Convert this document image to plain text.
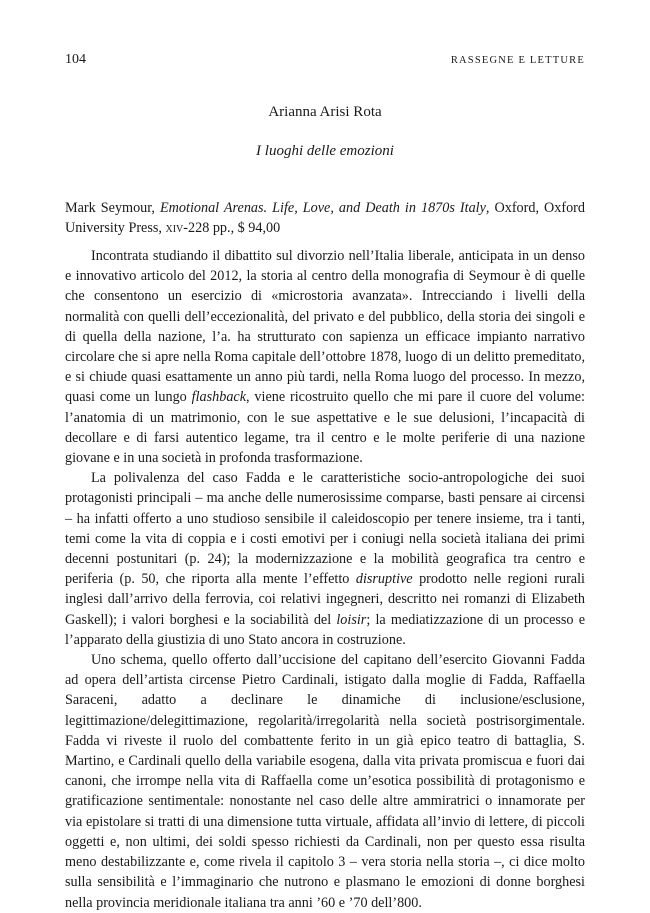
104	RASSEGNE E LETTURE
Arianna Arisi Rota
I luoghi delle emozioni
Mark Seymour, Emotional Arenas. Life, Love, and Death in 1870s Italy, Oxford, Oxford University Press, xiv-228 pp., $ 94,00

Incontrata studiando il dibattito sul divorzio nell’Italia liberale, anticipata in un denso e innovativo articolo del 2012, la storia al centro della monografia di Seymour è di quelle che consentono un esercizio di «microstoria avanzata». Intrecciando i livelli della normalità con quelli dell’eccezionalità, del privato e del pubblico, della storia dei singoli e di quella della nazione, l’a. ha strutturato con sapienza un efficace impianto narrativo circolare che si apre nella Roma capitale dell’ottobre 1878, luogo di un delitto premeditato, e si chiude quasi esattamente un anno più tardi, nella Roma luogo del processo. In mezzo, quasi come un lungo flashback, viene ricostruito quello che mi pare il cuore del volume: l’anatomia di un matrimonio, con le sue aspettative e le sue delusioni, l’incapacità di decollare e di farsi autentico legame, tra il centro e le molte periferie di una nazione giovane e in una società in profonda trasformazione.

La polivalenza del caso Fadda e le caratteristiche socio-antropologiche dei suoi protagonisti principali – ma anche delle numerosissime comparse, basti pensare ai circensi – ha infatti offerto a uno studioso sensibile il caleidoscopio per tenere insieme, tra i tanti, temi come la vita di coppia e i costi emotivi per i coniugi nella società italiana dei primi decenni postunitari (p. 24); la modernizzazione e la mobilità geografica tra centro e periferia (p. 50, che riporta alla mente l’effetto disruptive prodotto nelle regioni rurali inglesi dall’arrivo della ferrovia, coi relativi ingegneri, descritto nei romanzi di Elizabeth Gaskell); i valori borghesi e la sociabilità del loisir; la mediatizzazione di un processo e l’apparato della giustizia di uno Stato ancora in costruzione.

Uno schema, quello offerto dall’uccisione del capitano dell’esercito Giovanni Fadda ad opera dell’artista circense Pietro Cardinali, istigato dalla moglie di Fadda, Raffaella Saraceni, adatto a declinare le dinamiche di inclusione/esclusione, legittimazione/delegittimazione, regolarità/irregolarità nella società postrisorgimentale. Fadda vi riveste il ruolo del combattente ferito in un già epico teatro di battaglia, S. Martino, e Cardinali quello della variabile esogena, dalla vita privata promiscua e fuori dai canoni, che irrompe nella vita di Raffaella come un’esotica possibilità di protagonismo e gratificazione sentimentale: nonostante nel caso delle altre ammiratrici o innamorate per via epistolare si tratti di una dimensione tutta virtuale, affidata all’invio di lettere, di piccoli oggetti e, non ultimi, dei soldi spesso richiesti da Cardinali, non per questo essa risulta meno destabilizzante e, come rivela il capitolo 3 – vera storia nella storia –, ci dice molto sulla sensibilità e l’immaginario che nutrono e plasmano le emozioni di donne borghesi nella provincia meridionale italiana tra anni ’60 e ’70 dell’800.
